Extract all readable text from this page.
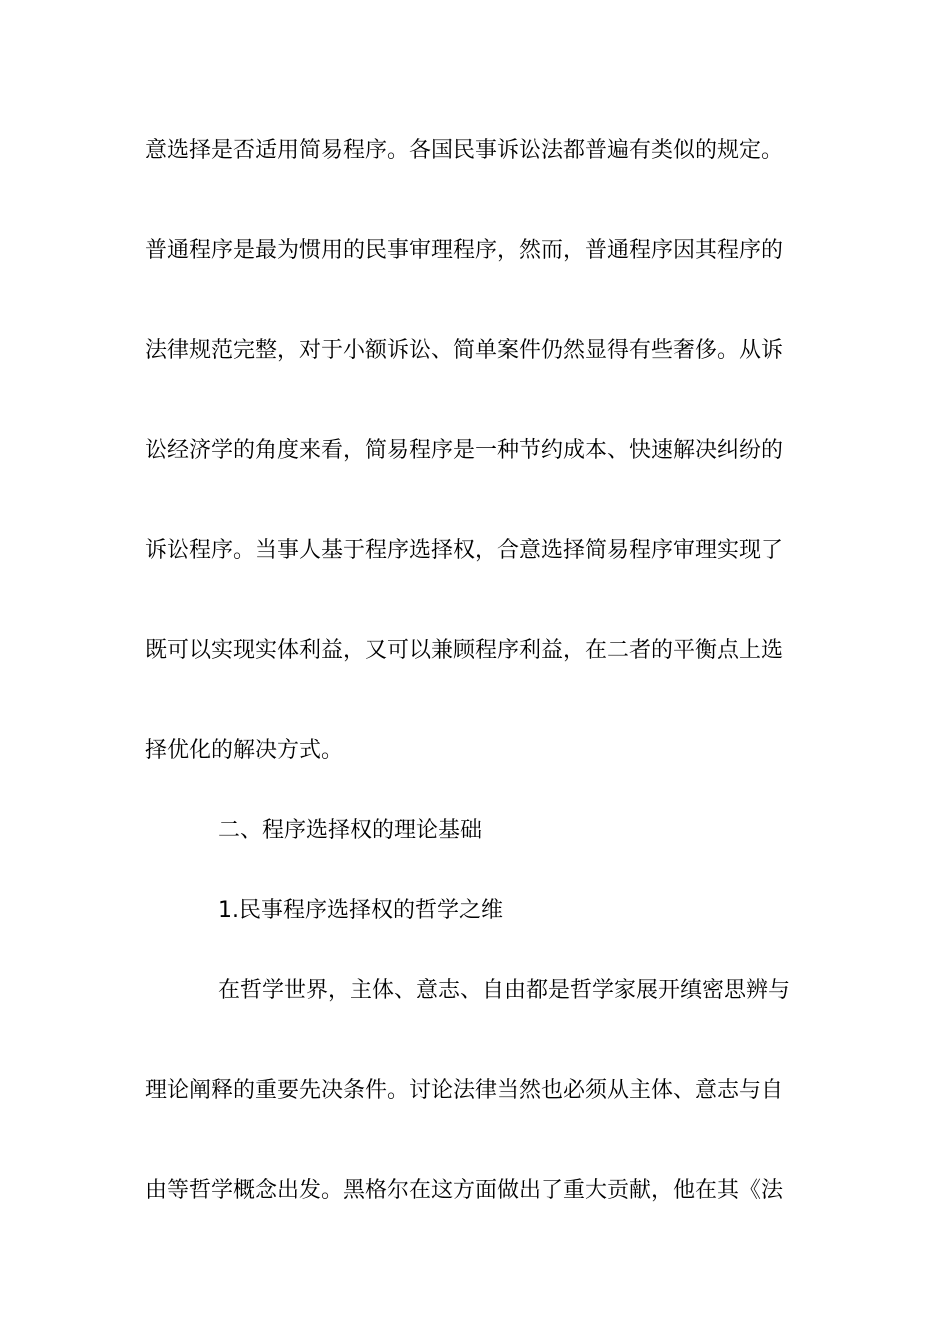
意选择是否适用简易程序。各国民事诉讼法都普遍有类似的规定。
普通程序是最为惯用的民事审理程序，然而，普通程序因其程序的
法律规范完整，对于小额诉讼、简单案件仍然显得有些奢侈。从诉
讼经济学的角度来看，简易程序是一种节约成本、快速解决纠纷的
诉讼程序。当事人基于程序选择权，合意选择简易程序审理实现了
既可以实现实体利益，又可以兼顾程序利益，在二者的平衡点上选
择优化的解决方式。
二、程序选择权的理论基础
1.民事程序选择权的哲学之维
在哲学世界，主体、意志、自由都是哲学家展开缜密思辨与
理论阐释的重要先决条件。讨论法律当然也必须从主体、意志与自
由等哲学概念出发。黑格尔在这方面做出了重大贡献，他在其《法
